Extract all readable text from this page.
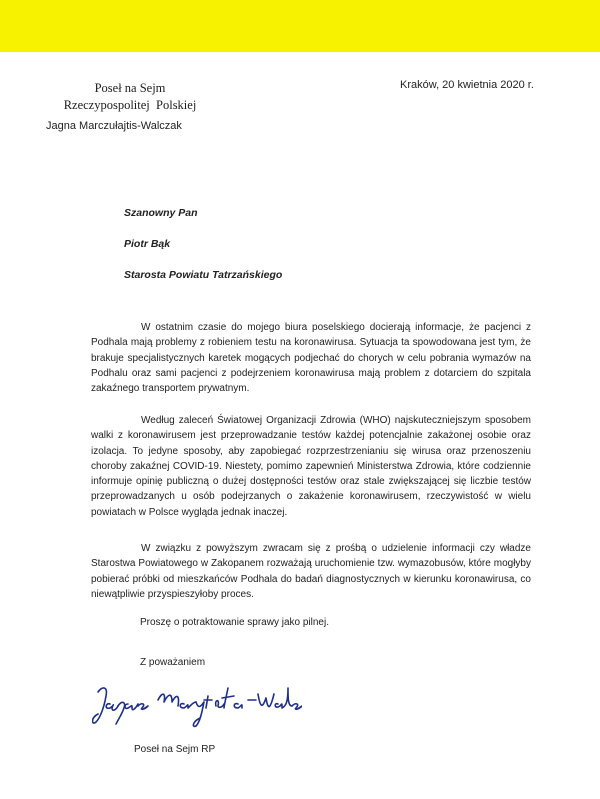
Poseł na Sejm
Rzeczypospolitej  Polskiej
Jagna Marczułajtis-Walczak
Kraków, 20 kwietnia 2020 r.
Szanowny Pan
Piotr Bąk
Starosta Powiatu Tatrzańskiego

W ostatnim czasie do mojego biura poselskiego docierają informacje, że pacjenci z Podhala mają problemy z robieniem testu na koronawirusa. Sytuacja ta spowodowana jest tym, że brakuje specjalistycznych karetek mogących podjechać do chorych w celu pobrania wymazów na Podhalu oraz sami pacjenci z podejrzeniem koronawirusa mają problem z dotarciem do szpitala zakaźnego transportem prywatnym.

Według zaleceń Światowej Organizacji Zdrowia (WHO) najskuteczniejszym sposobem walki z koronawirusem jest przeprowadzanie testów każdej potencjalnie zakażonej osobie oraz izolacja. To jedyne sposoby, aby zapobiegać rozprzestrzenianiu się wirusa oraz przenoszeniu choroby zakaźnej COVID-19. Niestety, pomimo zapewnień Ministerstwa Zdrowia, które codziennie informuje opinię publiczną o dużej dostępności testów oraz stale zwiększającej się liczbie testów przeprowadzanych u osób podejrzanych o zakażenie koronawirusem, rzeczywistość w wielu powiatach w Polsce wygląda jednak inaczej.

W związku z powyższym zwracam się z prośbą o udzielenie informacji czy władze Starostwa Powiatowego w Zakopanem rozważają uruchomienie tzw. wymazobusów, które mogłyby pobierać próbki od mieszkańców Podhala do badań diagnostycznych w kierunku koronawirusa, co niewątpliwie przyspieszyłoby proces.

Proszę o potraktowanie sprawy jako pilnej.
Z poważaniem
Poseł na Sejm RP
